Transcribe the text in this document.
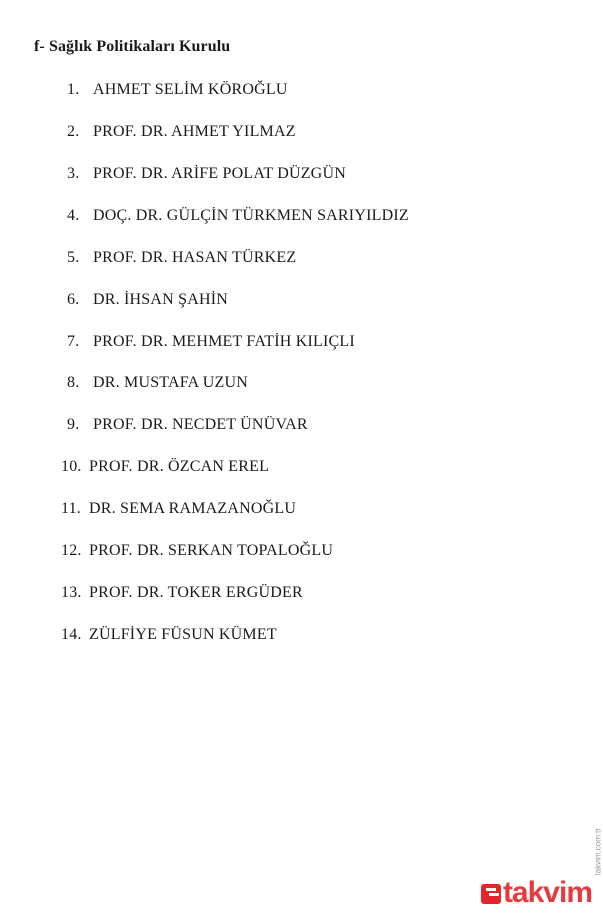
f- Sağlık Politikaları Kurulu
1. AHMET SELİM KÖROĞLU
2. PROF. DR. AHMET YILMAZ
3. PROF. DR. ARİFE POLAT DÜZGÜN
4. DOÇ. DR. GÜLÇİN TÜRKMEN SARIYILDIZ
5. PROF. DR. HASAN TÜRKEZ
6. DR. İHSAN ŞAHİN
7. PROF. DR. MEHMET FATİH KILIÇLI
8. DR. MUSTAFA UZUN
9. PROF. DR. NECDET ÜNÜVAR
10. PROF. DR. ÖZCAN EREL
11. DR. SEMA RAMAZANOĞLU
12. PROF. DR. SERKAN TOPALOĞLU
13. PROF. DR. TOKER ERGÜDER
14. ZÜLFİYE FÜSUN KÜMET
takvim
takvim.com.tr
